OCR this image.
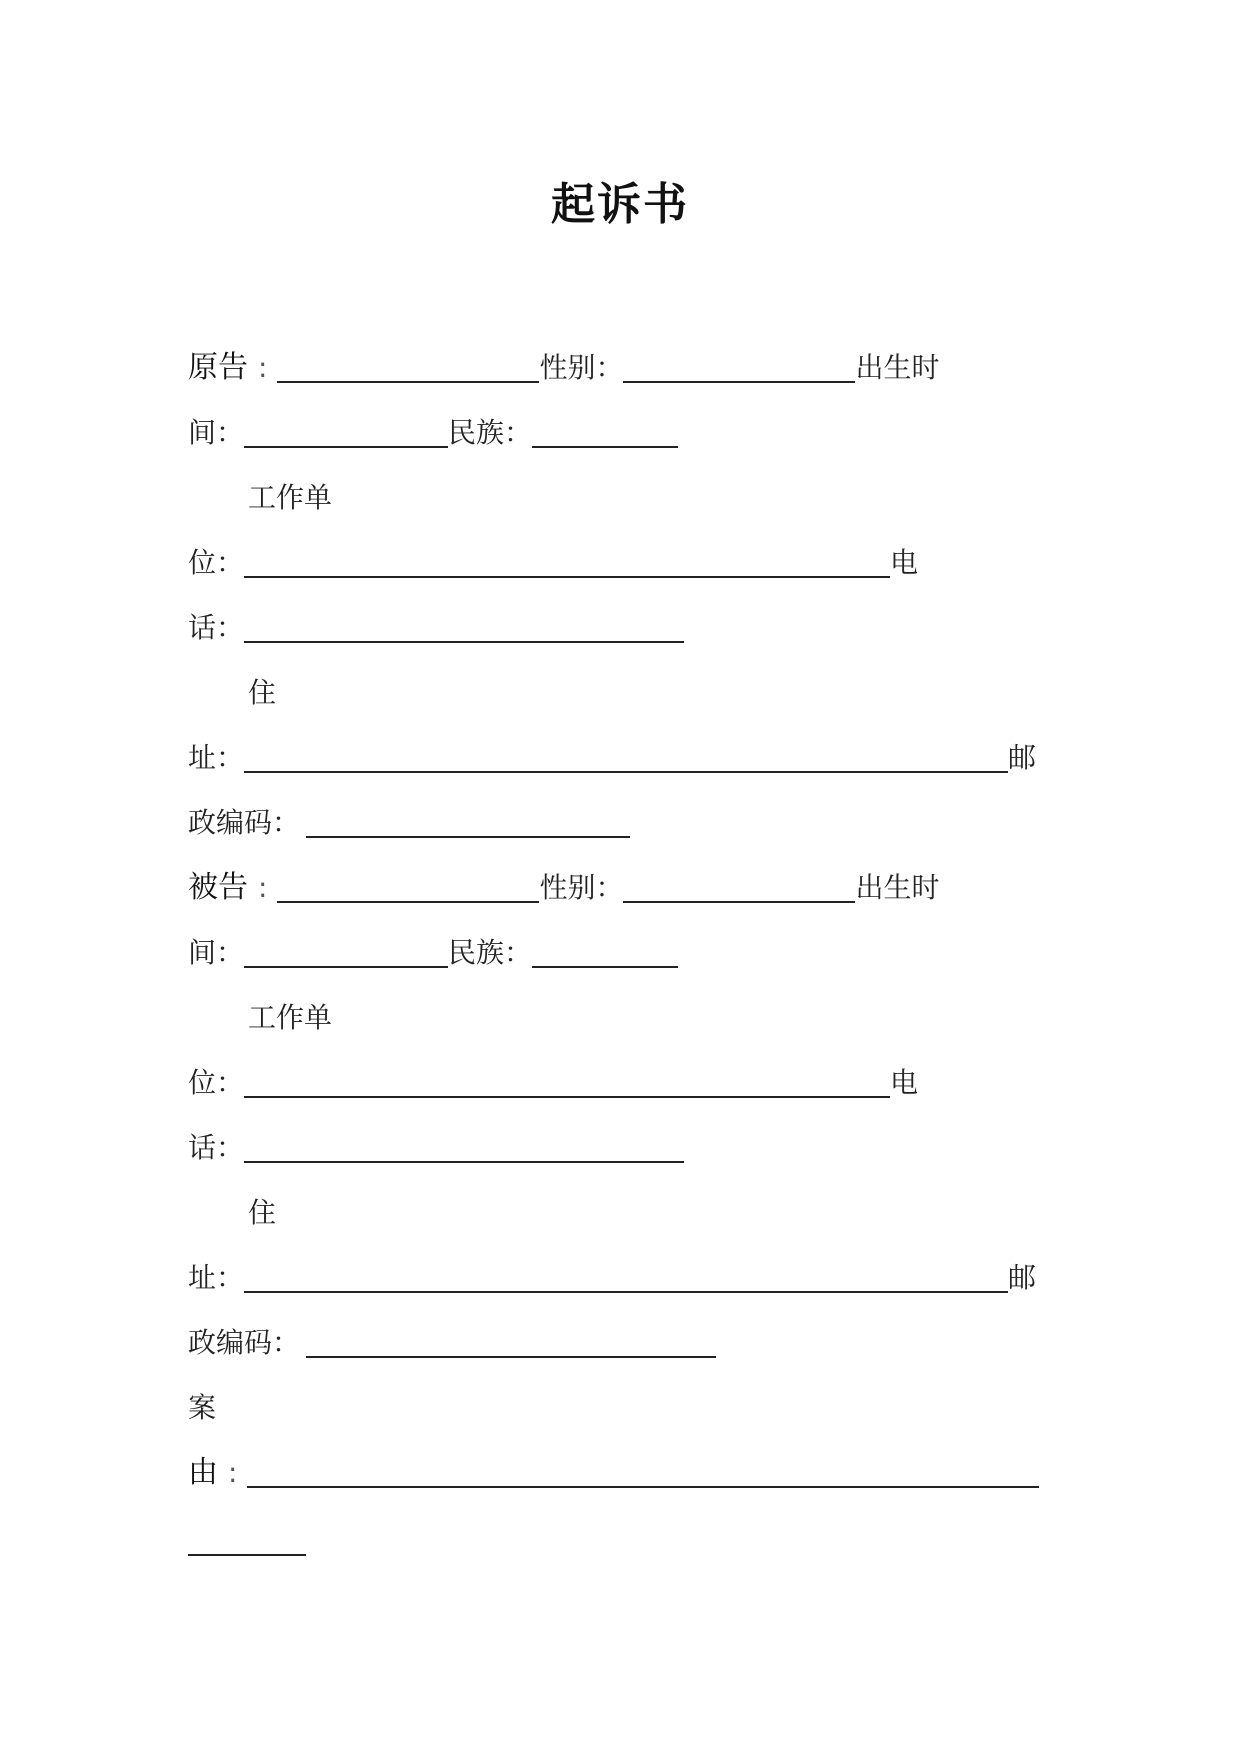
起诉书
原告 :	性别：	出生时
间：	民族：
工作单
位：	电
话：
住
址：	邮
政编码：
被告 :	性别：	出生时
间：	民族：
工作单
位：	电
话：
住
址：	邮
政编码：
案
由 :
